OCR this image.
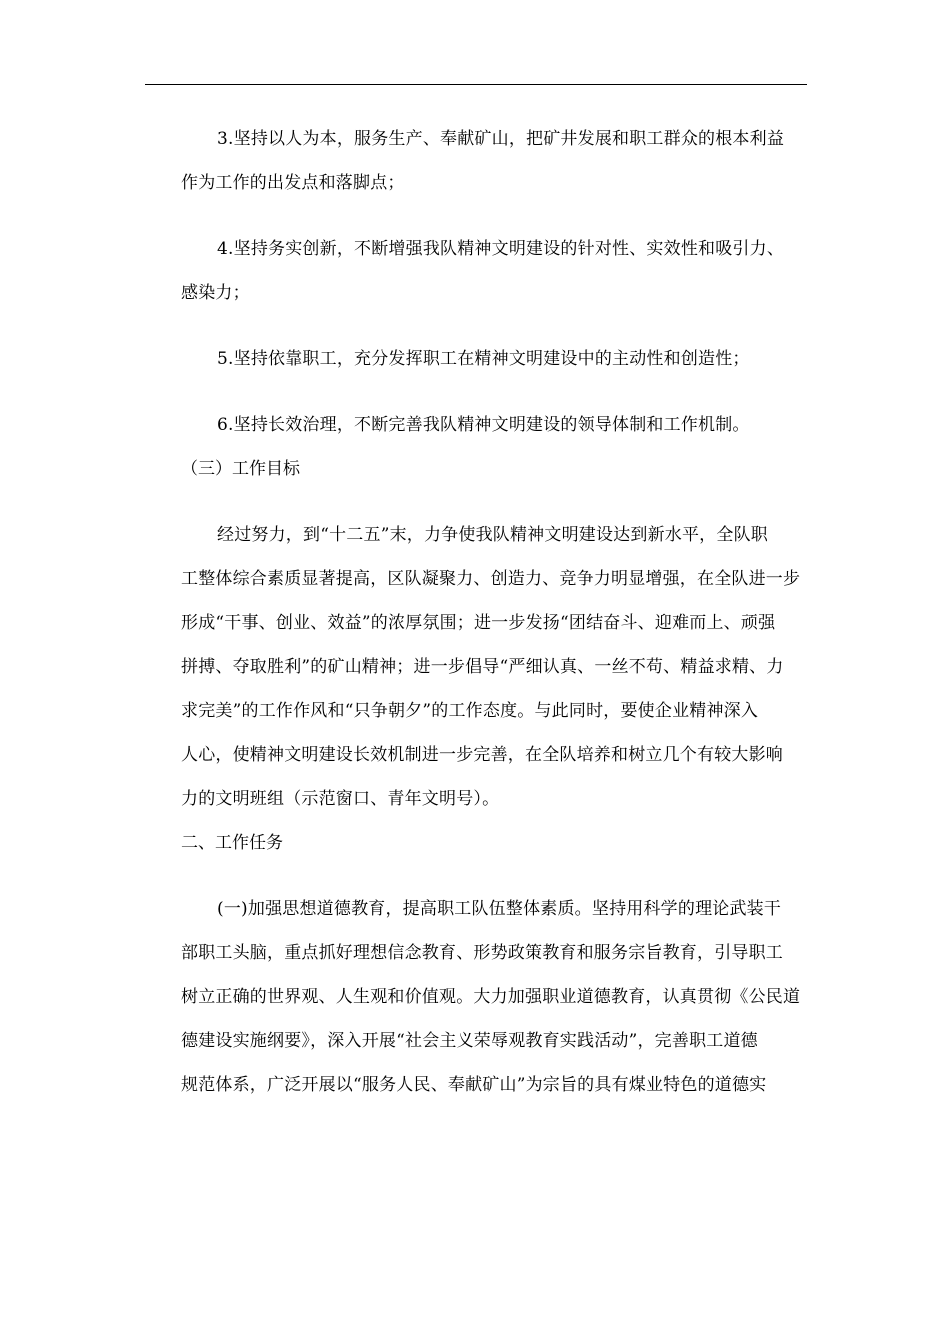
3.坚持以人为本，服务生产、奉献矿山，把矿井发展和职工群众的根本利益
作为工作的出发点和落脚点；

4.坚持务实创新，不断增强我队精神文明建设的针对性、实效性和吸引力、
感染力；

5.坚持依靠职工，充分发挥职工在精神文明建设中的主动性和创造性；

6.坚持长效治理，不断完善我队精神文明建设的领导体制和工作机制。

（三）工作目标

经过努力，到“十二五”末，力争使我队精神文明建设达到新水平，全队职
工整体综合素质显著提高，区队凝聚力、创造力、竞争力明显增强，在全队进一步
形成“干事、创业、效益”的浓厚氛围；进一步发扬“团结奋斗、迎难而上、顽强
拼搏、夺取胜利”的矿山精神；进一步倡导“严细认真、一丝不苟、精益求精、力
求完美”的工作作风和“只争朝夕”的工作态度。与此同时，要使企业精神深入
人心，使精神文明建设长效机制进一步完善，在全队培养和树立几个有较大影响
力的文明班组（示范窗口、青年文明号）。

二、工作任务

(一)加强思想道德教育，提高职工队伍整体素质。坚持用科学的理论武装干
部职工头脑，重点抓好理想信念教育、形势政策教育和服务宗旨教育，引导职工
树立正确的世界观、人生观和价值观。大力加强职业道德教育，认真贯彻《公民道
德建设实施纲要》，深入开展“社会主义荣辱观教育实践活动”，完善职工道德
规范体系，广泛开展以“服务人民、奉献矿山”为宗旨的具有煤业特色的道德实
